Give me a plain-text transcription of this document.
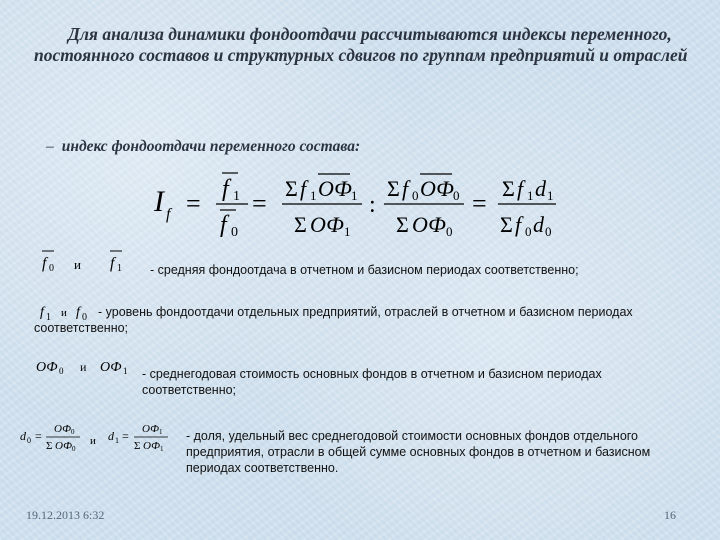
Для анализа динамики фондоотдачи рассчитываются индексы переменного, постоянного составов и структурных сдвигов по группам предприятий и отраслей

– индекс фондоотдачи переменного состава:
I f = f 1
f 0
=
Σ f 1 ОФ 1
Σ ОФ 1
:
Σ f 0 ОФ 0
Σ ОФ 0
=
Σ f 1 d 1
Σ f 0 d 0
f 0 и f 1 - средняя фондоотдача в отчетном и базисном периодах соответственно;
f 1 и f 0 - уровень фондоотдачи отдельных предприятий, отраслей в отчетном и базисном периодах соответственно;
ОФ 0 и ОФ 1 - среднегодовая стоимость основных фондов в отчетном и базисном периодах соответственно;
d 0 = ОФ 0
Σ ОФ 0
и d 1 = ОФ 1
Σ ОФ 1
- доля, удельный вес среднегодовой стоимости основных фондов отдельного предприятия, отрасли в общей сумме основных фондов в отчетном и базисном периодах соответственно.
19.12.2013 6:32	16
